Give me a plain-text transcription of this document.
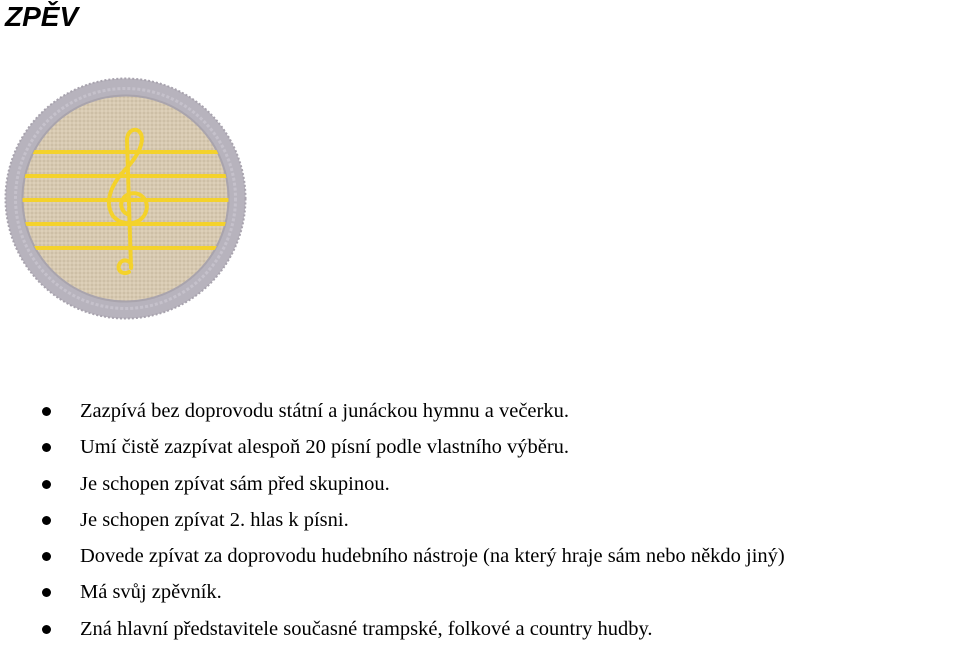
ZPĚV
Zazpívá bez doprovodu státní a junáckou hymnu a večerku.
Umí čistě zazpívat alespoň 20 písní podle vlastního výběru.
Je schopen zpívat sám před skupinou.
Je schopen zpívat 2. hlas k písni.
Dovede zpívat za doprovodu hudebního nástroje (na který hraje sám nebo někdo jiný)
Má svůj zpěvník.
Zná hlavní představitele současné trampské, folkové a country hudby.
